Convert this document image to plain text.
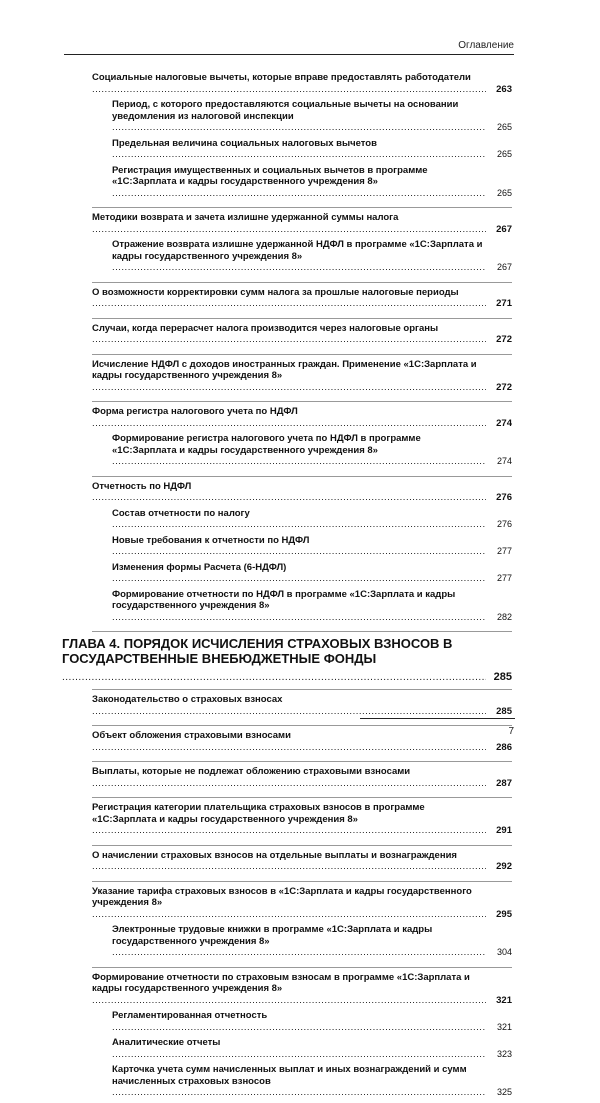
Оглавление
Социальные налоговые вычеты, которые вправе предоставлять работодатели .....
263
Период, с которого предоставляются социальные вычеты на основании уведомления из налоговой инспекции .....
265
Предельная величина социальных налоговых вычетов .....
265
Регистрация имущественных и социальных вычетов в программе «1С:Зарплата и кадры государственного учреждения 8» .....
265
Методики возврата и зачета излишне удержанной суммы налога .....
267
Отражение возврата излишне удержанной НДФЛ в программе «1С:Зарплата и кадры государственного учреждения 8» .....
267
О возможности корректировки сумм налога за прошлые налоговые периоды .....
271
Случаи, когда перерасчет налога производится через налоговые органы .....
272
Исчисление НДФЛ с доходов иностранных граждан. Применение «1С:Зарплата и кадры государственного учреждения 8» .....
272
Форма регистра налогового учета по НДФЛ .....
274
Формирование регистра налогового учета по НДФЛ в программе «1С:Зарплата и кадры государственного учреждения 8» .....
274
Отчетность по НДФЛ .....
276
Состав отчетности по налогу .....
276
Новые требования к отчетности по НДФЛ .....
277
Изменения формы Расчета (6-НДФЛ) .....
277
Формирование отчетности по НДФЛ в программе «1С:Зарплата и кадры государственного учреждения 8» .....
282
ГЛАВА 4. ПОРЯДОК ИСЧИСЛЕНИЯ СТРАХОВЫХ ВЗНОСОВ В ГОСУДАРСТВЕННЫЕ ВНЕБЮДЖЕТНЫЕ ФОНДЫ .....
285
Законодательство о страховых взносах .....
285
Объект обложения страховыми взносами .....
286
Выплаты, которые не подлежат обложению страховыми взносами .....
287
Регистрация категории плательщика страховых взносов в программе «1С:Зарплата и кадры государственного учреждения 8» .....
291
О начислении страховых взносов на отдельные выплаты и вознаграждения .....
292
Указание тарифа страховых взносов в «1С:Зарплата и кадры государственного учреждения 8» .....
295
Электронные трудовые книжки в программе «1С:Зарплата и кадры государственного учреждения 8» .....
304
Формирование отчетности по страховым взносам в программе «1С:Зарплата и кадры государственного учреждения 8» .....
321
Регламентированная отчетность .....
321
Аналитические отчеты .....
323
Карточка учета сумм начисленных выплат и иных вознаграждений и сумм начисленных страховых взносов .....
325
7
